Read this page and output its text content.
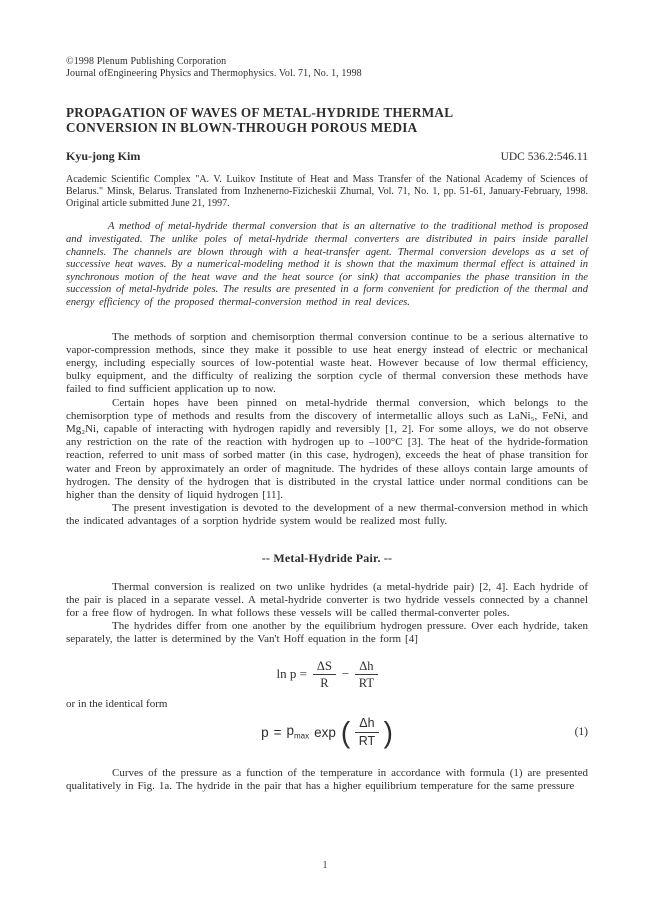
©1998 Plenum Publishing Corporation
Journal ofEngineering Physics and Thermophysics. Vol. 71, No. 1, 1998
PROPAGATION OF WAVES OF METAL-HYDRIDE THERMAL
CONVERSION IN BLOWN-THROUGH POROUS MEDIA
Kyu-jong Kim	UDC 536.2:546.11

Academic Scientific Complex "A. V. Luikov Institute of Heat and Mass Transfer of the National Academy of Sciences of Belarus." Minsk, Belarus. Translated from Inzhenerno-Fizicheskii Zhurnal, Vol. 71, No. 1, pp. 51-61, January-February, 1998. Original article submitted June 21, 1997.

A method of metal-hydride thermal conversion that is an alternative to the traditional method is proposed and investigated. The unlike poles of metal-hydride thermal converters are distributed in pairs inside parallel channels. The channels are blown through with a heat-transfer agent. Thermal conversion develops as a set of successive heat waves. By a numerical-modeling method it is shown that the maximum thermal effect is attained in synchronous motion of the heat wave and the heat source (or sink) that accompanies the phase transition in the succession of metal-hydride poles. The results are presented in a form convenient for prediction of the thermal and energy efficiency of the proposed thermal-conversion method in real devices.

The methods of sorption and chemisorption thermal conversion continue to be a serious alternative to vapor-compression methods, since they make it possible to use heat energy instead of electric or mechanical energy, including especially sources of low-potential waste heat. However because of low thermal efficiency, bulky equipment, and the difficulty of realizing the sorption cycle of thermal conversion these methods have failed to find sufficient application up to now.

Certain hopes have been pinned on metal-hydride thermal conversion, which belongs to the chemisorption type of methods and results from the discovery of intermetallic alloys such as LaNi₅, FeNi, and Mg₂Ni, capable of interacting with hydrogen rapidly and reversibly [1, 2]. For some alloys, we do not observe any restriction on the rate of the reaction with hydrogen up to –100°C [3]. The heat of the hydride-formation reaction, referred to unit mass of sorbed matter (in this case, hydrogen), exceeds the heat of phase transition for water and Freon by approximately an order of magnitude. The hydrides of these alloys contain large amounts of hydrogen. The density of the hydrogen that is distributed in the crystal lattice under normal conditions can be higher than the density of liquid hydrogen [11].

The present investigation is devoted to the development of a new thermal-conversion method in which the indicated advantages of a sorption hydride system would be realized most fully.

-- Metal-Hydride Pair. --

Thermal conversion is realized on two unlike hydrides (a metal-hydride pair) [2, 4]. Each hydride of the pair is placed in a separate vessel. A metal-hydride converter is two hydride vessels connected by a channel for a free flow of hydrogen. In what follows these vessels will be called thermal-converter poles.

The hydrides differ from one another by the equilibrium hydrogen pressure. Over each hydride, taken separately, the latter is determined by the Van't Hoff equation in the form [4]

$\ln p = \frac{\Delta S}{R} - \frac{\Delta h}{RT}$

or in the identical form

$p = p_{max}$ exp ( $\frac{\Delta h}{RT}$ )	(1)

Curves of the pressure as a function of the temperature in accordance with formula (1) are presented qualitatively in Fig. 1a. The hydride in the pair that has a higher equilibrium temperature for the same pressure

1
